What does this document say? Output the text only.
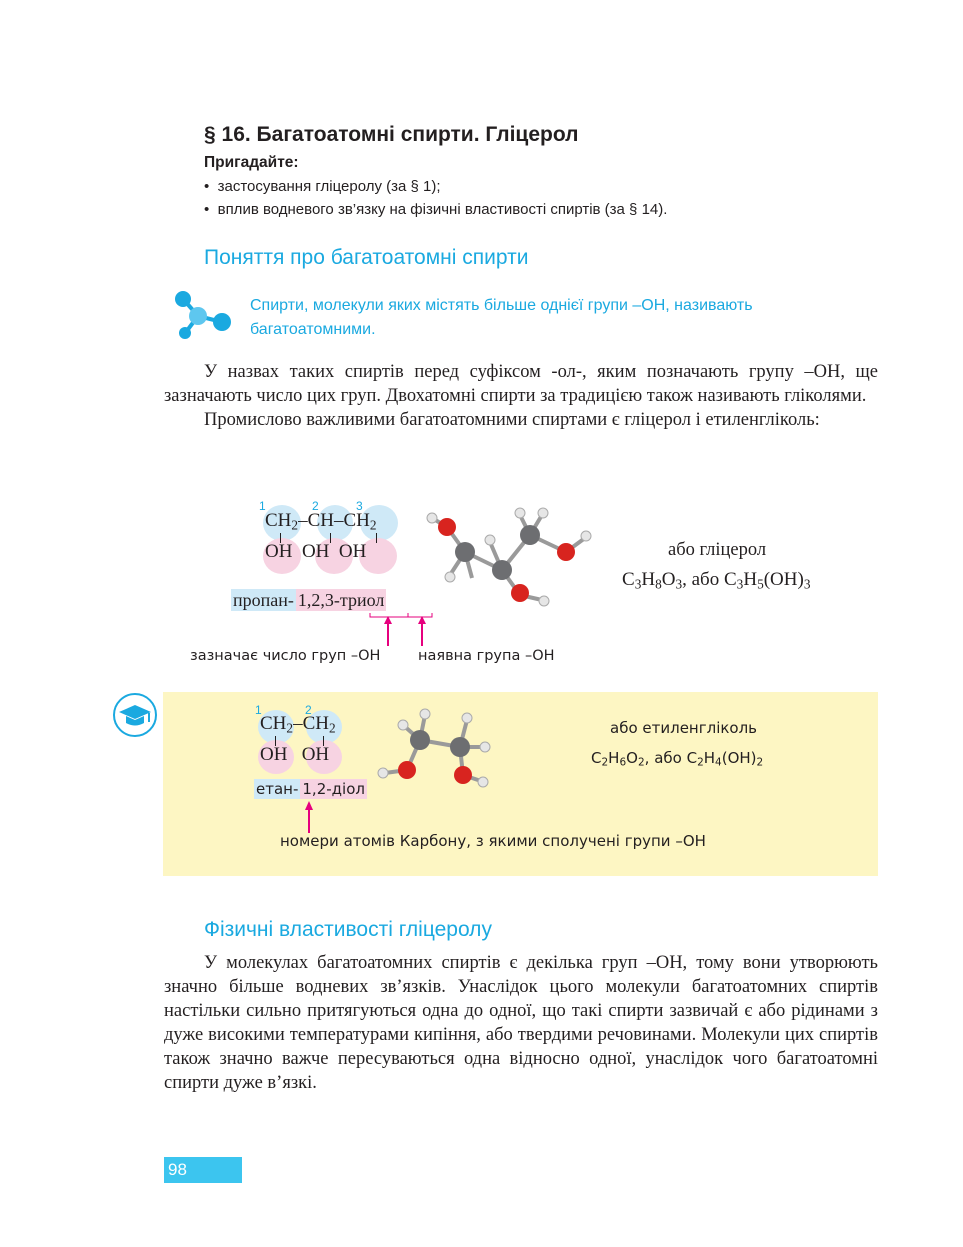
§ 16. Багатоатомні спирти. Гліцерол
Пригадайте:
•  застосування гліцеролу (за § 1);
•  вплив водневого зв’язку на фізичні властивості спиртів (за § 14).
Поняття про багатоатомні спирти
Спирти, молекули яких містять більше однієї групи –ОН, називають багатоатомними.

У назвах таких спиртів перед суфіксом -ол-, яким позначають групу –ОН, ще зазначають число цих груп. Двохатомні спирти за традицією також називають гліколями.

Промислово важливими багатоатомними спиртами є гліцерол і етиленгліколь:

1	2	3
$CH_2-CH-CH_2$
OH  OH  OH
пропан- 1,2,3-триол
зазначає число груп –ОН	наявна група –ОН
або гліцерол
$C_3H_8O_3$, або $C_3H_5(OH)_3$
1	2
$CH_2-CH_2$
OH   OH
етан- 1,2-діол
номери атомів Карбону, з якими сполучені групи –ОН
або етиленгліколь
$C_2H_6O_2$, або $C_2H_4(OH)_2$
Фізичні властивості гліцеролу

У молекулах багатоатомних спиртів є декілька груп –ОН, тому вони утворюють значно більше водневих зв’язків. Унаслідок цього молекули багатоатомних спиртів настільки сильно притягуються одна до одної, що такі спирти зазвичай є або рідинами з дуже високими температурами кипіння, або твердими речовинами. Молекули цих спиртів також значно важче пересуваються одна відносно одної, унаслідок чого багатоатомні спирти дуже в’язкі.

98
